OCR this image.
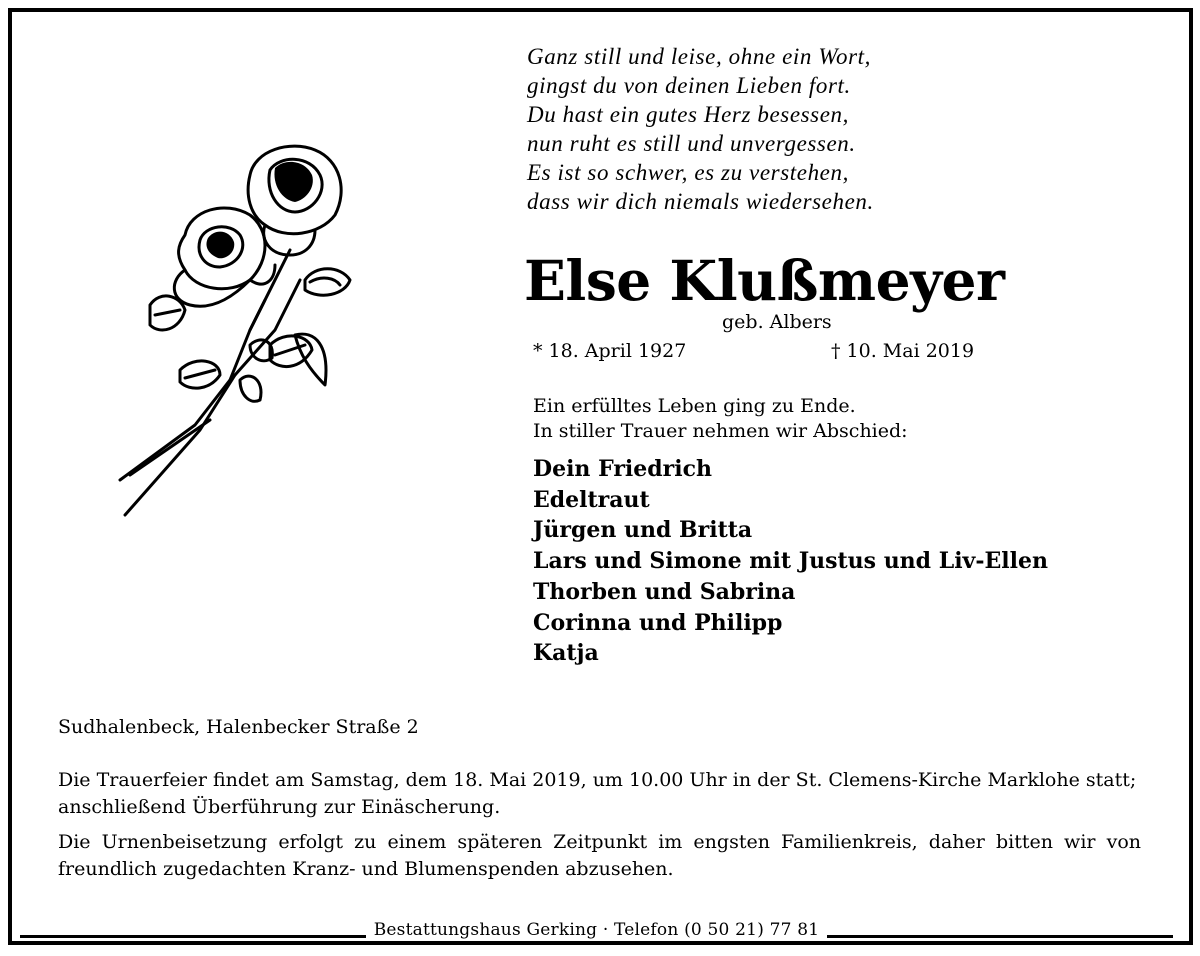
Ganz still und leise, ohne ein Wort,
gingst du von deinen Lieben fort.
Du hast ein gutes Herz besessen,
nun ruht es still und unvergessen.
Es ist so schwer, es zu verstehen,
dass wir dich niemals wiedersehen.
Else Klußmeyer
geb. Albers
* 18. April 1927	† 10. Mai 2019
Ein erfülltes Leben ging zu Ende.
In stiller Trauer nehmen wir Abschied:
Dein Friedrich
Edeltraut
Jürgen und Britta
Lars und Simone mit Justus und Liv-Ellen
Thorben und Sabrina
Corinna und Philipp
Katja
Sudhalenbeck, Halenbecker Straße 2
Die Trauerfeier findet am Samstag, dem 18. Mai 2019, um 10.00 Uhr in der St. Clemens-Kirche Marklohe statt; anschließend Überführung zur Einäscherung.
Die Urnenbeisetzung erfolgt zu einem späteren Zeitpunkt im engsten Familienkreis, daher bitten wir von freundlich zugedachten Kranz- und Blumenspenden abzusehen.
Bestattungshaus Gerking · Telefon (0 50 21) 77 81
